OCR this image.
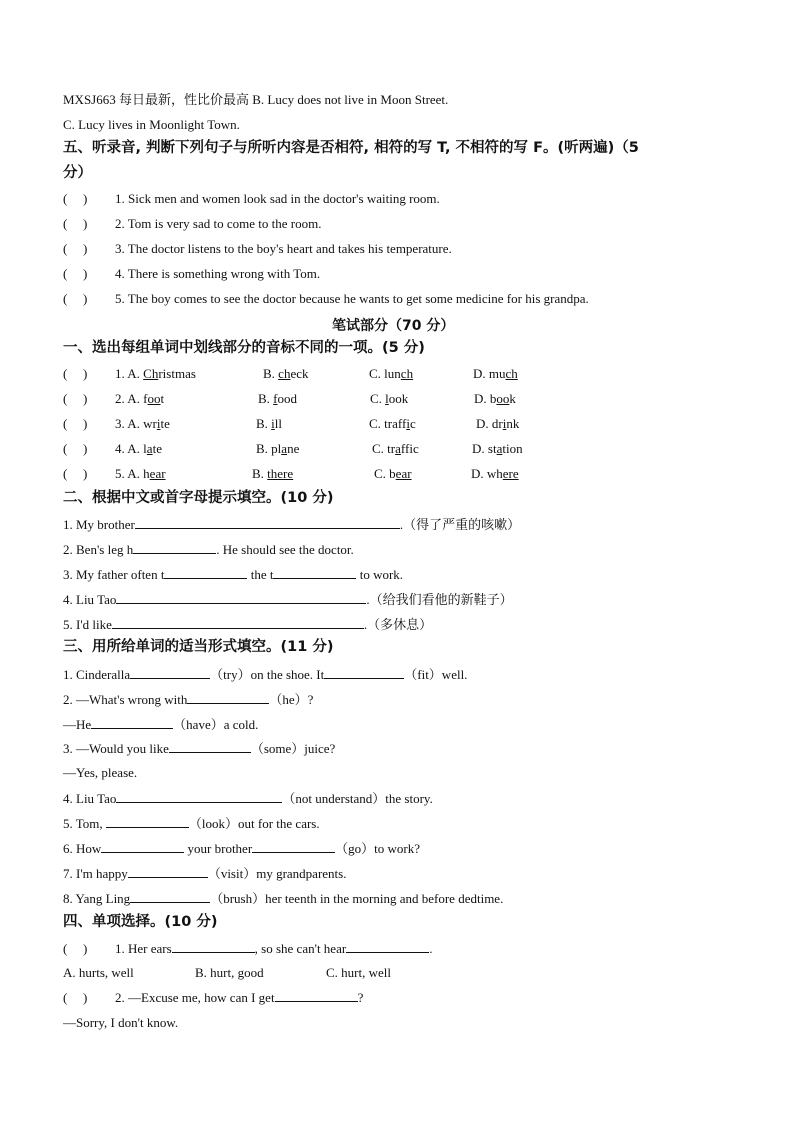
MXSJ663 每日最新，性比价最高 B. Lucy does not live in Moon Street.
C. Lucy lives in Moonlight Town.
五、听录音, 判断下列句子与所听内容是否相符, 相符的写 T, 不相符的写 F。(听两遍)（5
分）
( ) 1. Sick men and women look sad in the doctor's waiting room.
( ) 2. Tom is very sad to come to the room.
( ) 3. The doctor listens to the boy's heart and takes his temperature.
( ) 4. There is something wrong with Tom.
( ) 5. The boy comes to see the doctor because he wants to get some medicine for his grandpa.
笔试部分（70 分）
一、选出每组单词中划线部分的音标不同的一项。(5 分)
( ) 1. A. Christmas	B. check	C. lunch	D. much
( ) 2. A. foot	B. food	C. look	D. book
( ) 3. A. write	B. ill	C. traffic	D. drink
( ) 4. A. late	B. plane	C. traffic	D. station
( ) 5. A. hear	B. there	C. bear	D. where
二、根据中文或首字母提示填空。(10 分)
1. My brother	.（得了严重的咳嗽）
2. Ben's leg h	. He should see the doctor.
3. My father often t	the t	to work.
4. Liu Tao	.（给我们看他的新鞋子）
5. I'd like	.（多休息）
三、用所给单词的适当形式填空。(11 分)
1. Cinderalla	（try）on the shoe. It	（fit）well.
2. —What's wrong with	（he）?
—He	（have）a cold.
3. —Would you like	（some）juice?
—Yes, please.
4. Liu Tao	（not understand）the story.
5. Tom,	（look）out for the cars.
6. How	your brother	（go）to work?
7. I'm happy	（visit）my grandparents.
8. Yang Ling	（brush）her teenth in the morning and before dedtime.
四、单项选择。(10 分)
( ) 1. Her ears	, so she can't hear	.
A. hurts, well	B. hurt, good	C. hurt, well
( ) 2. —Excuse me, how can I get	?
—Sorry, I don't know.
